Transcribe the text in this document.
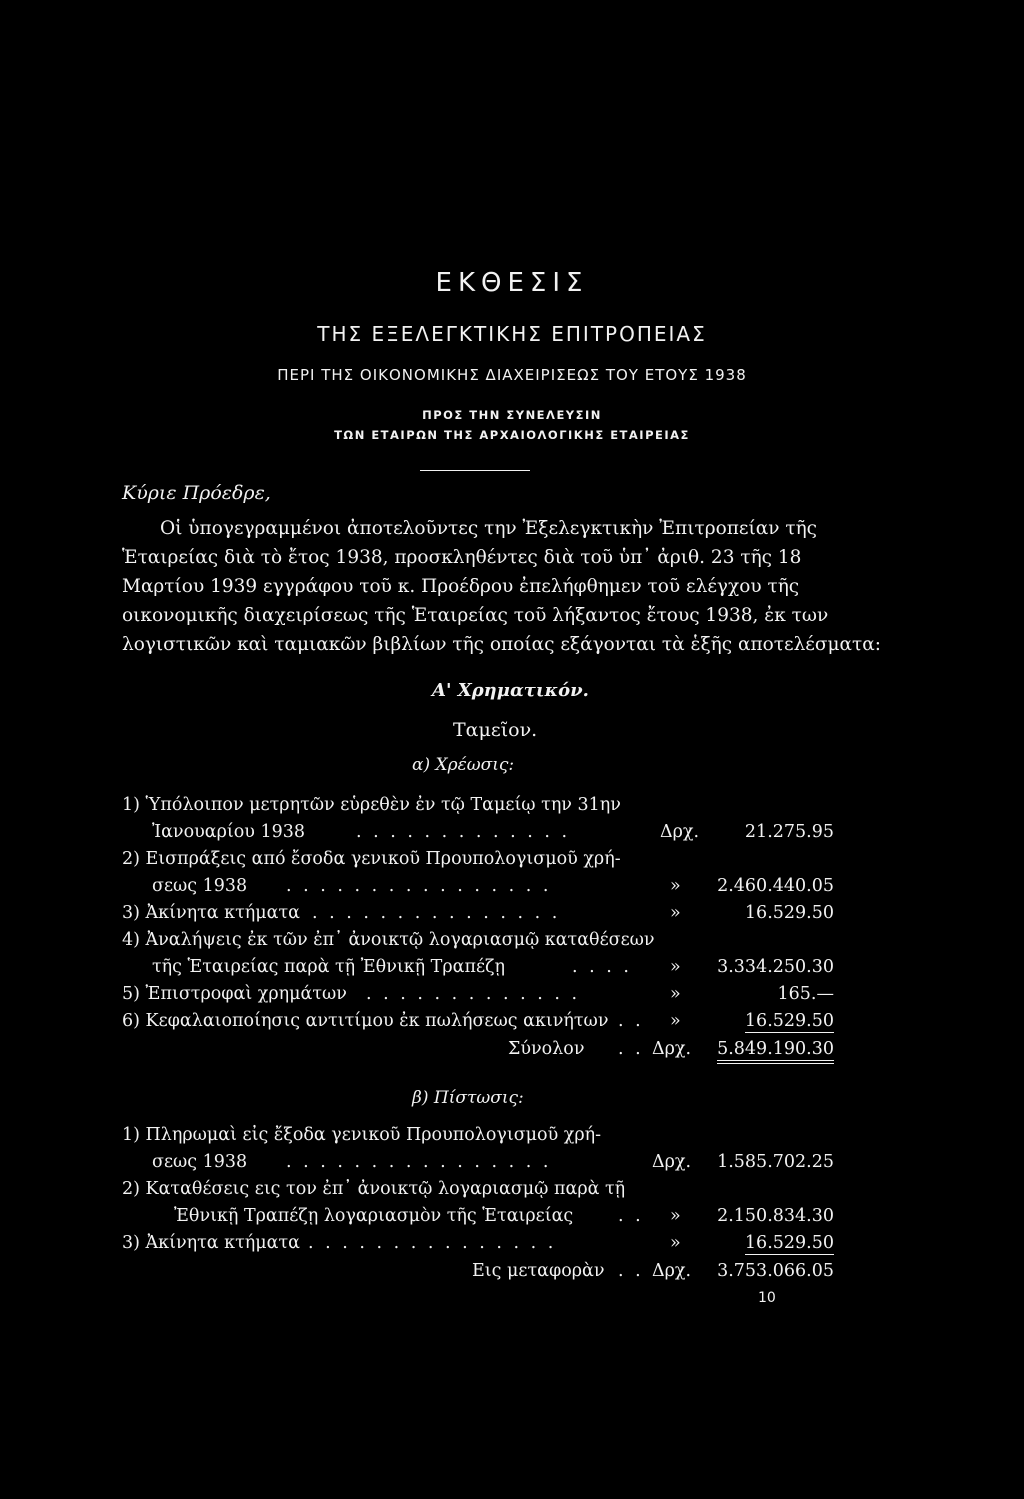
ΕΚΘΕΣΙΣ
ΤΗΣ ΕΞΕΛΕΓΚΤΙΚΗΣ ΕΠΙΤΡΟΠΕΙΑΣ
ΠΕΡΙ ΤΗΣ ΟΙΚΟΝΟΜΙΚΗΣ ΔΙΑΧΕΙΡΙΣΕΩΣ ΤΟΥ ΕΤΟΥΣ 1938
ΠΡΟΣ ΤΗΝ ΣΥΝΕΛΕΥΣΙΝ
ΤΩΝ ΕΤΑΙΡΩΝ ΤΗΣ ΑΡΧΑΙΟΛΟΓΙΚΗΣ ΕΤΑΙΡΕΙΑΣ
Κύριε Πρόεδρε,
Οἱ ὑπογεγραμμένοι ἀποτελοῦντες την Ἐξελεγκτικὴν Ἐπιτροπείαν τῆς
Ἑταιρείας διὰ τὸ ἔτος 1938, προσκληθέντες διὰ τοῦ ὑπ᾿ ἀριθ. 23 τῆς 18
Μαρτίου 1939 εγγράφου τοῦ κ. Προέδρου ἐπελήφθημεν τοῦ ελέγχου τῆς
οικονομικῆς διαχειρίσεως τῆς Ἑταιρείας τοῦ λήξαντος ἔτους 1938, ἐκ των
λογιστικῶν καὶ ταμιακῶν βιβλίων τῆς οποίας εξάγονται τὰ ἑξῆς αποτελέσματα:
Α' Χρηματικόν.
Ταμεῖον.
α) Χρέωσις:
1) Ὑπόλοιπον μετρητῶν εὑρεθὲν ἐν τῷ Ταμείῳ την 31ην
Ἰανουαρίου 1938	. . . . . . . . . . . . .	Δρχ.	21.275.95
2) Εισπράξεις από ἔσοδα γενικοῦ Προυπολογισμοῦ χρή-
σεως 1938 . . . . . . . . . . . . . . . .	» 2.460.440.05
3) Ἀκίνητα κτήματα . . . . . . . . . . . . . . .	»	16.529.50
4) Ἀναλήψεις ἐκ τῶν ἐπ᾿ ἀνοικτῷ λογαριασμῷ καταθέσεων
τῆς Ἑταιρείας παρὰ τῇ Ἐθνικῇ Τραπέζῃ	. . . . » 3.334.250.30
5) Ἐπιστροφαὶ χρημάτων . . . . . . . . . . . . .	»	165.—
6) Κεφαλαιοποίησις αντιτίμου ἐκ πωλήσεως ακινήτων . . »	16.529.50
Σύνολον . . Δρχ. 5.849.190.30
β) Πίστωσις:
1) Πληρωμαὶ εἰς ἔξοδα γενικοῦ Προυπολογισμοῦ χρή-
σεως 1938 . . . . . . . . . . . . . . . .	Δρχ. 1.585.702.25
2) Καταθέσεις εις τον ἐπ᾿ ἀνοικτῷ λογαριασμῷ παρὰ τῇ
Ἐθνικῇ Τραπέζῃ λογαριασμὸν τῆς Ἑταιρείας	. . » 2.150.834.30
3) Ἀκίνητα κτήματα . . . . . . . . . . . . . . .	»	16.529.50
Εις μεταφορὰν . . Δρχ. 3.753.066.05
10
